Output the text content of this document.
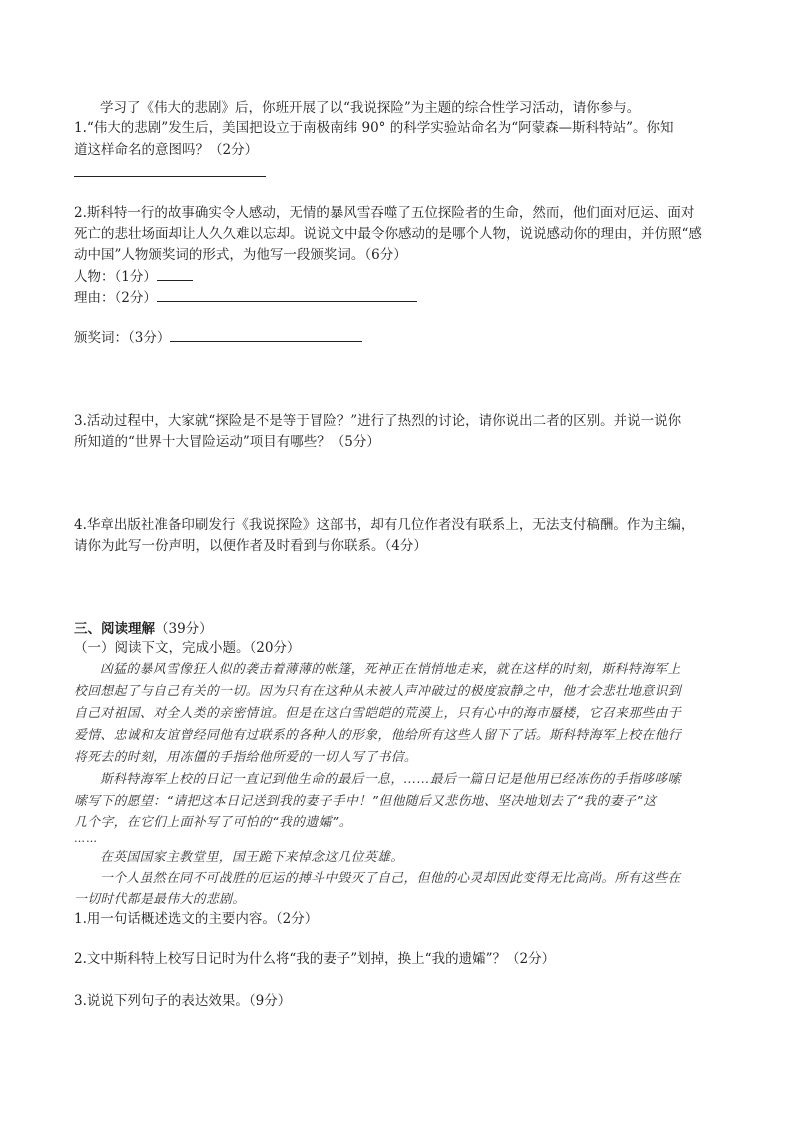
学习了《伟大的悲剧》后，你班开展了以“我说探险”为主题的综合性学习活动，请你参与。
1.“伟大的悲剧”发生后，美国把设立于南极南纬 90° 的科学实验站命名为“阿蒙森—斯科特站”。你知
道这样命名的意图吗？（2分）
2.斯科特一行的故事确实令人感动，无情的暴风雪吞噬了五位探险者的生命，然而，他们面对厄运、面对
死亡的悲壮场面却让人久久难以忘却。说说文中最令你感动的是哪个人物，说说感动你的理由，并仿照“感
动中国”人物颁奖词的形式，为他写一段颁奖词。（6分）
人物：（1分）
理由：（2分）
颁奖词：（3分）
3.活动过程中，大家就“探险是不是等于冒险？”进行了热烈的讨论，请你说出二者的区别。并说一说你
所知道的“世界十大冒险运动”项目有哪些？（5分）
4.华章出版社准备印刷发行《我说探险》这部书，却有几位作者没有联系上，无法支付稿酬。作为主编，
请你为此写一份声明，以便作者及时看到与你联系。（4分）
三、阅读理解（39分）
（一）阅读下文，完成小题。（20分）
凶猛的暴风雪像狂人似的袭击着薄薄的帐篷，死神正在悄悄地走来，就在这样的时刻，斯科特海军上
校回想起了与自己有关的一切。因为只有在这种从未被人声冲破过的极度寂静之中，他才会悲壮地意识到
自己对祖国、对全人类的亲密情谊。但是在这白雪皑皑的荒漠上，只有心中的海市蜃楼，它召来那些由于
爱情、忠诚和友谊曾经同他有过联系的各种人的形象，他给所有这些人留下了话。斯科特海军上校在他行
将死去的时刻，用冻僵的手指给他所爱的一切人写了书信。
斯科特海军上校的日记一直记到他生命的最后一息，……最后一篇日记是他用已经冻伤的手指哆哆嗦
嗦写下的愿望：“请把这本日记送到我的妻子手中！”但他随后又悲伤地、坚决地划去了“我的妻子”这
几个字，在它们上面补写了可怕的“我的遗孀”。
……
在英国国家主教堂里，国王跪下来悼念这几位英雄。
一个人虽然在同不可战胜的厄运的搏斗中毁灭了自己，但他的心灵却因此变得无比高尚。所有这些在
一切时代都是最伟大的悲剧。
1.用一句话概述选文的主要内容。（2分）
2.文中斯科特上校写日记时为什么将“我的妻子”划掉，换上“我的遗孀”？（2分）
3.说说下列句子的表达效果。（9分）
